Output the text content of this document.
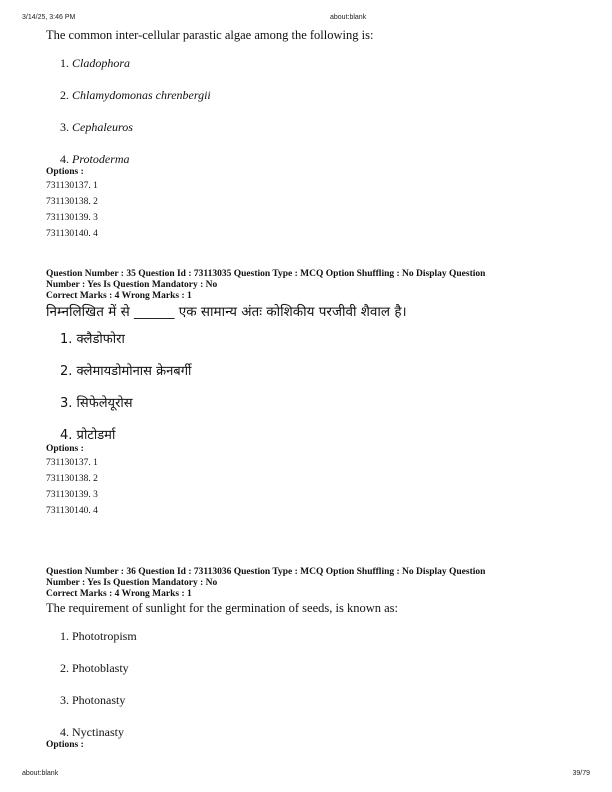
3/14/25, 3:46 PM	about:blank
The common inter-cellular parastic algae among the following is:
1. Cladophora
2. Chlamydomonas chrenbergii
3. Cephaleuros
4. Protoderma
Options :
731130137. 1
731130138. 2
731130139. 3
731130140. 4
Question Number : 35 Question Id : 73113035 Question Type : MCQ Option Shuffling : No Display Question
Number : Yes Is Question Mandatory : No
Correct Marks : 4 Wrong Marks : 1
निम्नलिखित में से ______ एक सामान्य अंतः कोशिकीय परजीवी शैवाल है।
1. क्लैडोफोरा
2. क्लेमायडोमोनास क्रेनबर्गी
3. सिफेलेयूरोस
4. प्रोटोडर्मा
Options :
731130137. 1
731130138. 2
731130139. 3
731130140. 4
Question Number : 36 Question Id : 73113036 Question Type : MCQ Option Shuffling : No Display Question
Number : Yes Is Question Mandatory : No
Correct Marks : 4 Wrong Marks : 1
The requirement of sunlight for the germination of seeds, is known as:
1. Phototropism
2. Photoblasty
3. Photonasty
4. Nyctinasty
Options :
about:blank	39/79
